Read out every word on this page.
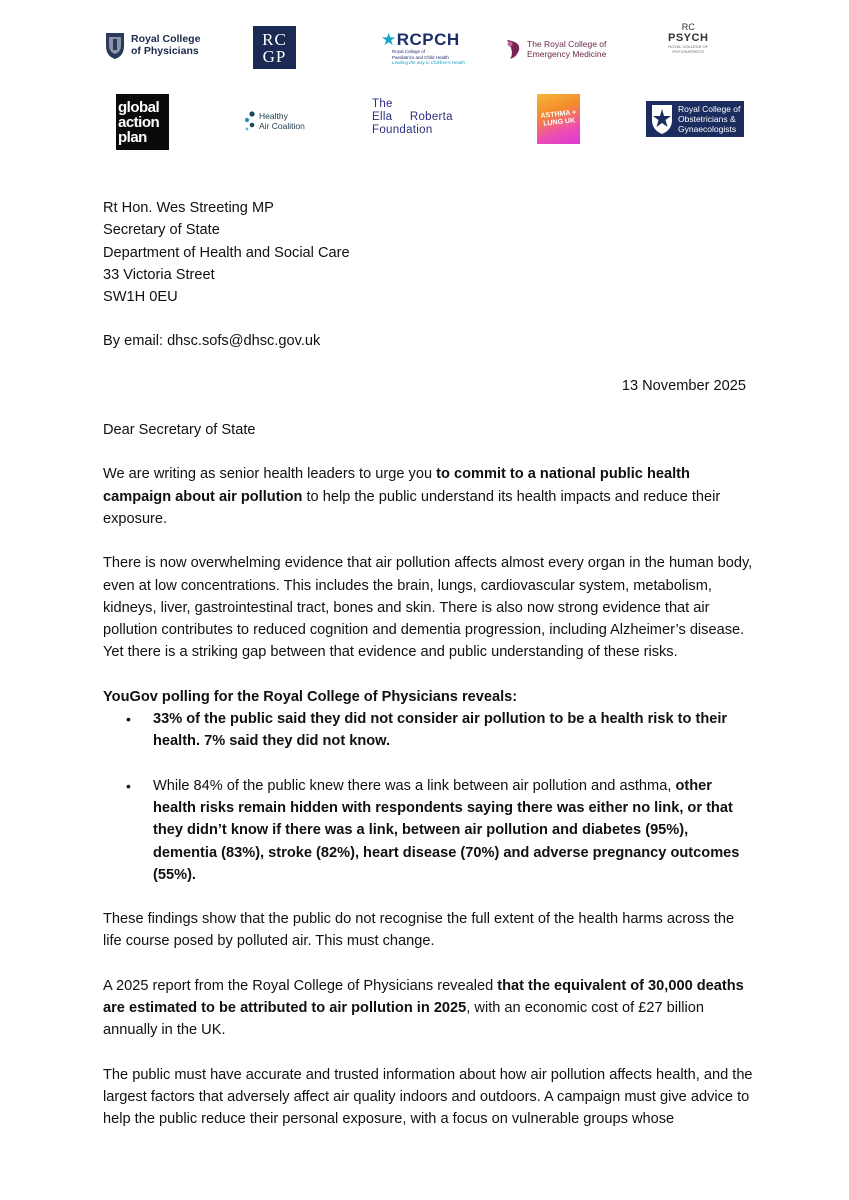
Royal College
of Physicians
RC
GP
★RCPCH
Royal College of
Paediatrics and Child Health
Leading the way in Children's Health
The Royal College of
Emergency Medicine
RC
PSYCH
ROYAL COLLEGE OF
PSYCHIATRISTS
global
action
plan
Healthy
Air Coalition
The
Ella     Roberta
Foundation
ASTHMA +
LUNG UK
Royal College of
Obstetricians &
Gynaecologists

Rt Hon. Wes Streeting MP

Secretary of State

Department of Health and Social Care

33 Victoria Street

SW1H 0EU

By email: dhsc.sofs@dhsc.gov.uk

13 November 2025

Dear Secretary of State

We are writing as senior health leaders to urge you to commit to a national public health campaign about air pollution to help the public understand its health impacts and reduce their exposure.

There is now overwhelming evidence that air pollution affects almost every organ in the human body, even at low concentrations. This includes the brain, lungs, cardiovascular system, metabolism, kidneys, liver, gastrointestinal tract, bones and skin. There is also now strong evidence that air pollution contributes to reduced cognition and dementia progression, including Alzheimer’s disease. Yet there is a striking gap between that evidence and public understanding of these risks.

YouGov polling for the Royal College of Physicians reveals:

• 33% of the public said they did not consider air pollution to be a health risk to their health. 7% said they did not know.
• While 84% of the public knew there was a link between air pollution and asthma, other health risks remain hidden with respondents saying there was either no link, or that they didn’t know if there was a link, between air pollution and diabetes (95%), dementia (83%), stroke (82%), heart disease (70%) and adverse pregnancy outcomes (55%).

These findings show that the public do not recognise the full extent of the health harms across the life course posed by polluted air. This must change.

A 2025 report from the Royal College of Physicians revealed that the equivalent of 30,000 deaths are estimated to be attributed to air pollution in 2025, with an economic cost of £27 billion annually in the UK.

The public must have accurate and trusted information about how air pollution affects health, and the largest factors that adversely affect air quality indoors and outdoors. A campaign must give advice to help the public reduce their personal exposure, with a focus on vulnerable groups whose
